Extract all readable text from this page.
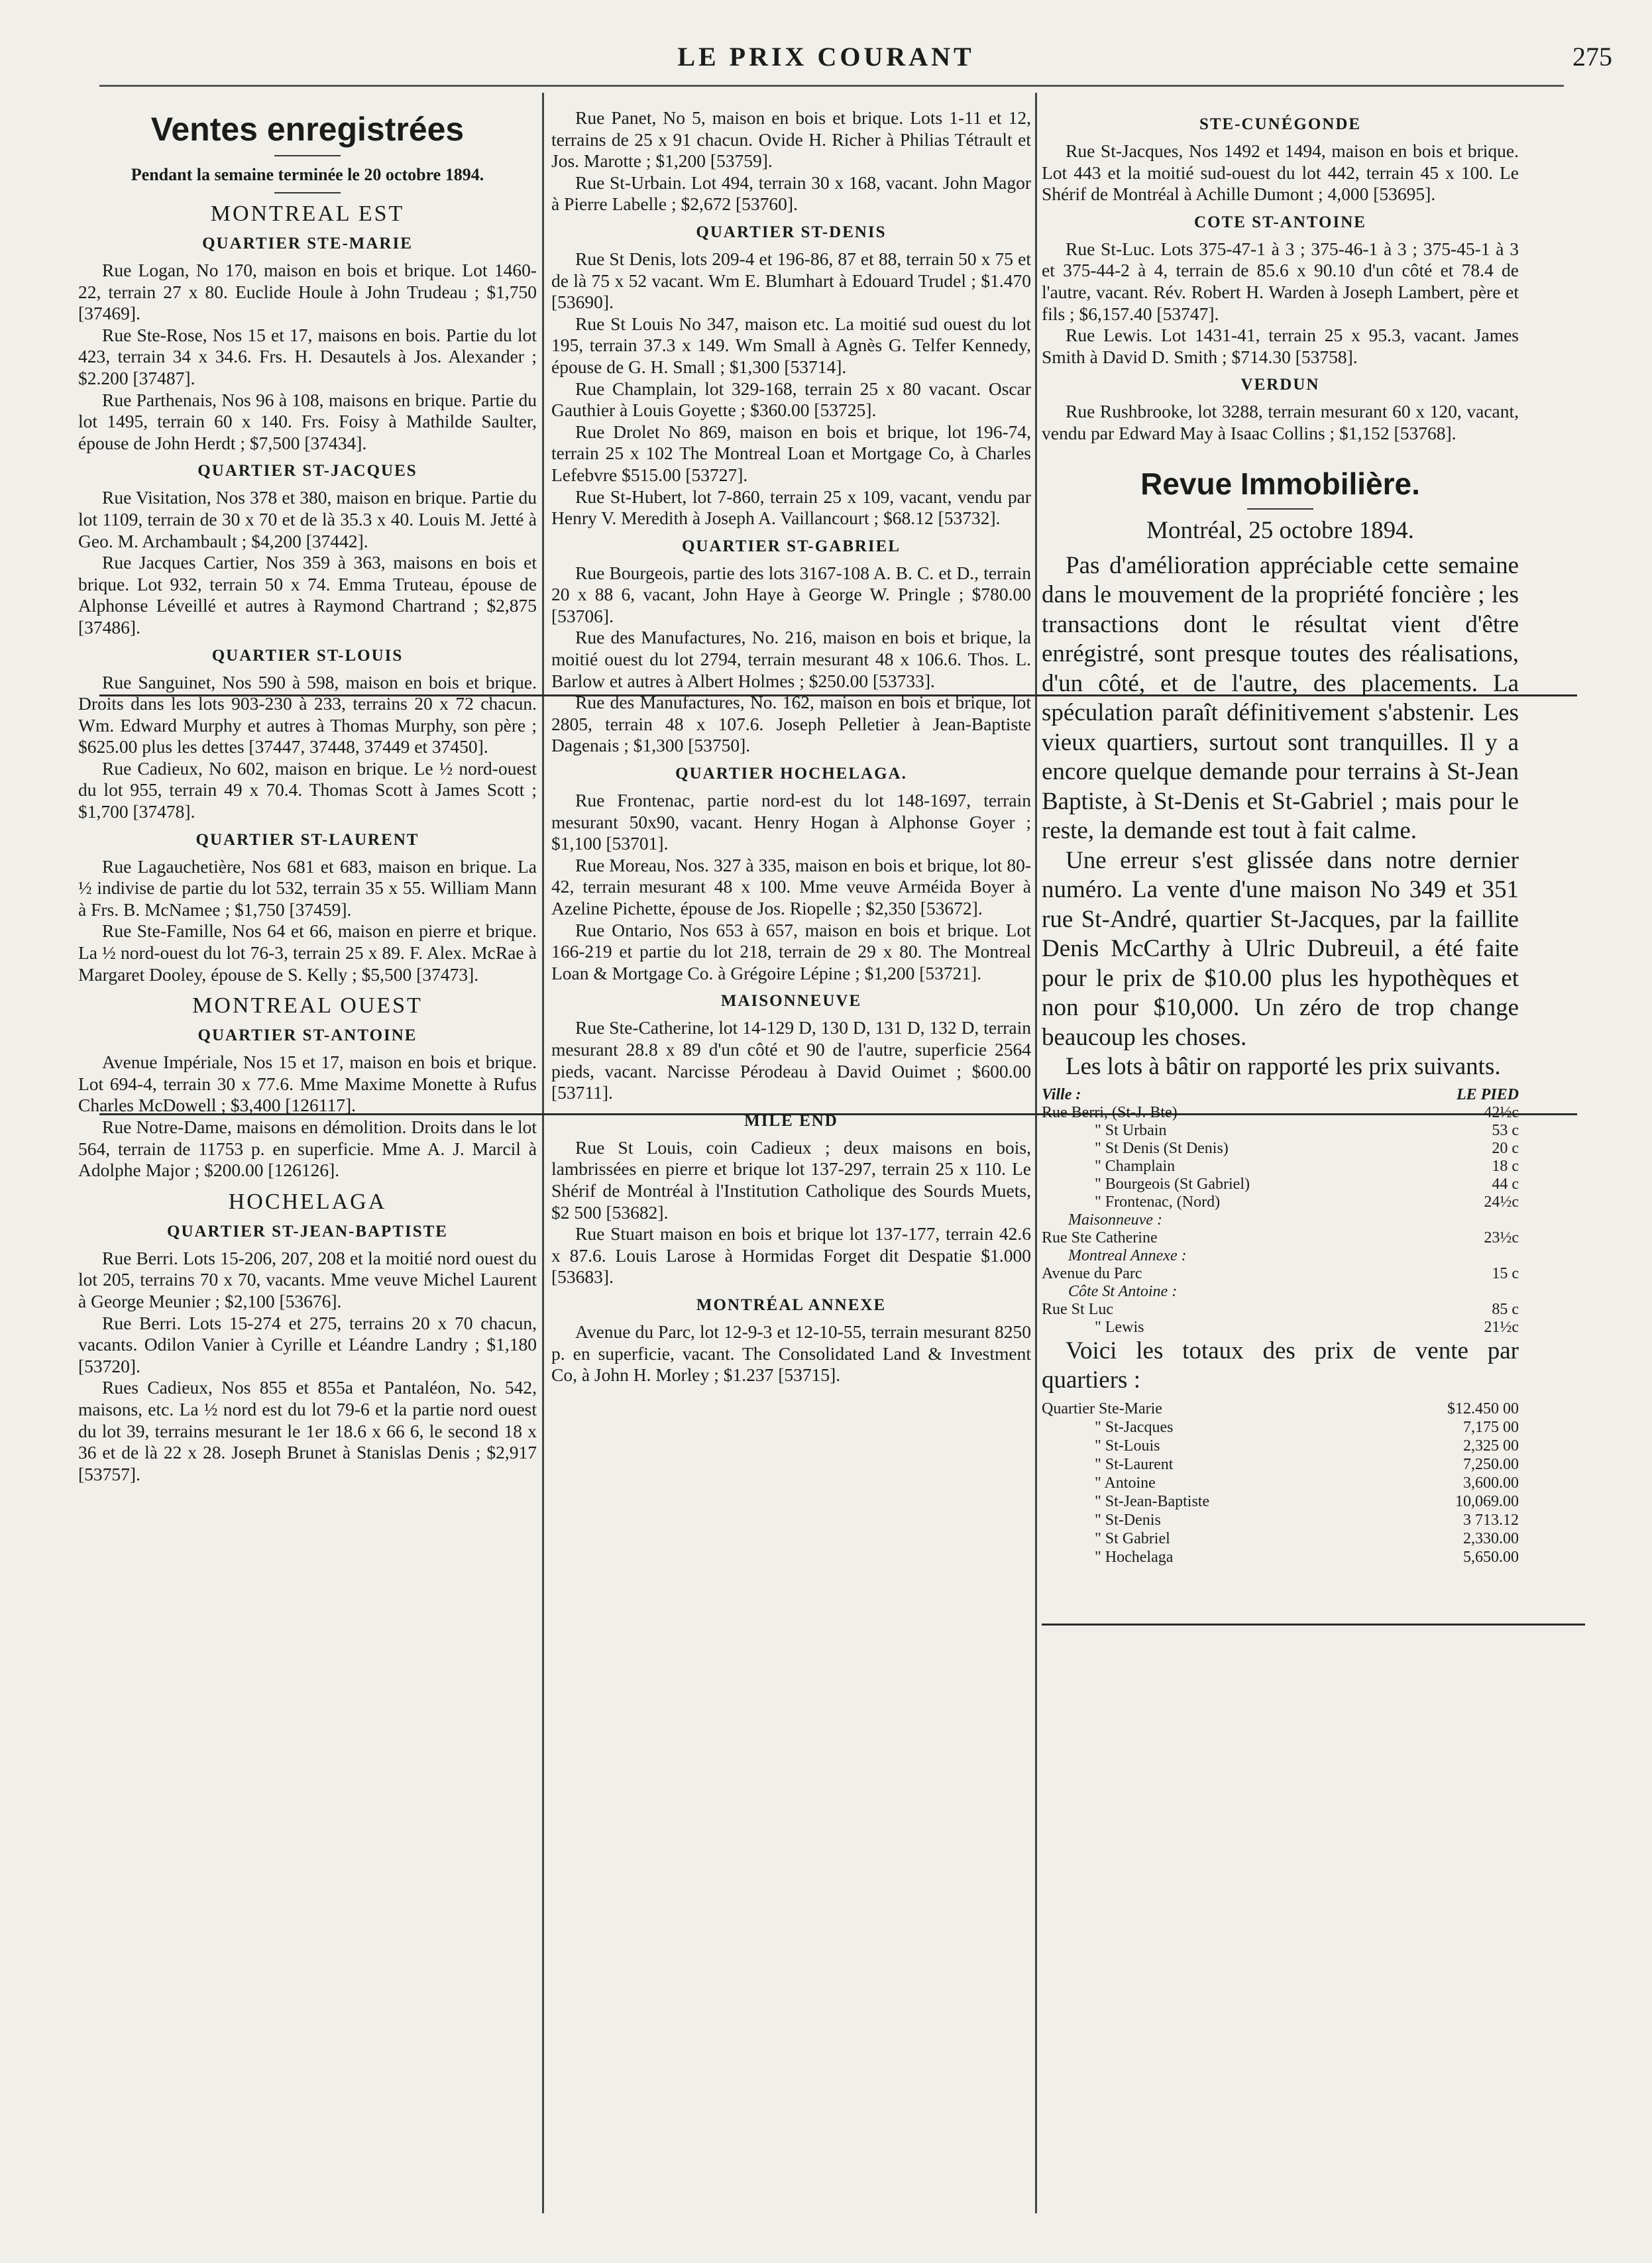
LE PRIX COURANT	275
Ventes enregistrées
Pendant la semaine terminée le 20 octobre 1894.
MONTREAL EST
QUARTIER STE-MARIE

Rue Logan, No 170, maison en bois et brique. Lot 1460-22, terrain 27 x 80. Euclide Houle à John Trudeau ; $1,750 [37469].

Rue Ste-Rose, Nos 15 et 17, maisons en bois. Partie du lot 423, terrain 34 x 34.6. Frs. H. Desautels à Jos. Alexander ; $2.200 [37487].

Rue Parthenais, Nos 96 à 108, maisons en brique. Partie du lot 1495, terrain 60 x 140. Frs. Foisy à Mathilde Saulter, épouse de John Herdt ; $7,500 [37434].

QUARTIER ST-JACQUES

Rue Visitation, Nos 378 et 380, maison en brique. Partie du lot 1109, terrain de 30 x 70 et de là 35.3 x 40. Louis M. Jetté à Geo. M. Archambault ; $4,200 [37442].

Rue Jacques Cartier, Nos 359 à 363, maisons en bois et brique. Lot 932, terrain 50 x 74. Emma Truteau, épouse de Alphonse Léveillé et autres à Raymond Chartrand ; $2,875 [37486].

QUARTIER ST-LOUIS

Rue Sanguinet, Nos 590 à 598, maison en bois et brique. Droits dans les lots 903-230 à 233, terrains 20 x 72 chacun. Wm. Edward Murphy et autres à Thomas Murphy, son père ; $625.00 plus les dettes [37447, 37448, 37449 et 37450].

Rue Cadieux, No 602, maison en brique. Le ½ nord-ouest du lot 955, terrain 49 x 70.4. Thomas Scott à James Scott ; $1,700 [37478].

QUARTIER ST-LAURENT

Rue Lagauchetière, Nos 681 et 683, maison en brique. La ½ indivise de partie du lot 532, terrain 35 x 55. William Mann à Frs. B. McNamee ; $1,750 [37459].

Rue Ste-Famille, Nos 64 et 66, maison en pierre et brique. La ½ nord-ouest du lot 76-3, terrain 25 x 89. F. Alex. McRae à Margaret Dooley, épouse de S. Kelly ; $5,500 [37473].

MONTREAL OUEST
QUARTIER ST-ANTOINE

Avenue Impériale, Nos 15 et 17, maison en bois et brique. Lot 694-4, terrain 30 x 77.6. Mme Maxime Monette à Rufus Charles McDowell ; $3,400 [126117].

Rue Notre-Dame, maisons en démolition. Droits dans le lot 564, terrain de 11753 p. en superficie. Mme A. J. Marcil à Adolphe Major ; $200.00 [126126].

HOCHELAGA
QUARTIER ST-JEAN-BAPTISTE

Rue Berri. Lots 15-206, 207, 208 et la moitié nord ouest du lot 205, terrains 70 x 70, vacants. Mme veuve Michel Laurent à George Meunier ; $2,100 [53676].

Rue Berri. Lots 15-274 et 275, terrains 20 x 70 chacun, vacants. Odilon Vanier à Cyrille et Léandre Landry ; $1,180 [53720].

Rues Cadieux, Nos 855 et 855a et Pantaléon, No. 542, maisons, etc. La ½ nord est du lot 79-6 et la partie nord ouest du lot 39, terrains mesurant le 1er 18.6 x 66 6, le second 18 x 36 et de là 22 x 28. Joseph Brunet à Stanislas Denis ; $2,917 [53757].

Rue Panet, No 5, maison en bois et brique. Lots 1-11 et 12, terrains de 25 x 91 chacun. Ovide H. Richer à Philias Tétrault et Jos. Marotte ; $1,200 [53759].

Rue St-Urbain. Lot 494, terrain 30 x 168, vacant. John Magor à Pierre Labelle ; $2,672 [53760].

QUARTIER ST-DENIS

Rue St Denis, lots 209-4 et 196-86, 87 et 88, terrain 50 x 75 et de là 75 x 52 vacant. Wm E. Blumhart à Edouard Trudel ; $1.470 [53690].

Rue St Louis No 347, maison etc. La moitié sud ouest du lot 195, terrain 37.3 x 149. Wm Small à Agnès G. Telfer Kennedy, épouse de G. H. Small ; $1,300 [53714].

Rue Champlain, lot 329-168, terrain 25 x 80 vacant. Oscar Gauthier à Louis Goyette ; $360.00 [53725].

Rue Drolet No 869, maison en bois et brique, lot 196-74, terrain 25 x 102 The Montreal Loan et Mortgage Co, à Charles Lefebvre $515.00 [53727].

Rue St-Hubert, lot 7-860, terrain 25 x 109, vacant, vendu par Henry V. Meredith à Joseph A. Vaillancourt ; $68.12 [53732].

QUARTIER ST-GABRIEL

Rue Bourgeois, partie des lots 3167-108 A. B. C. et D., terrain 20 x 88 6, vacant, John Haye à George W. Pringle ; $780.00 [53706].

Rue des Manufactures, No. 216, maison en bois et brique, la moitié ouest du lot 2794, terrain mesurant 48 x 106.6. Thos. L. Barlow et autres à Albert Holmes ; $250.00 [53733].

Rue des Manufactures, No. 162, maison en bois et brique, lot 2805, terrain 48 x 107.6. Joseph Pelletier à Jean-Baptiste Dagenais ; $1,300 [53750].

QUARTIER HOCHELAGA.

Rue Frontenac, partie nord-est du lot 148-1697, terrain mesurant 50x90, vacant. Henry Hogan à Alphonse Goyer ; $1,100 [53701].

Rue Moreau, Nos. 327 à 335, maison en bois et brique, lot 80-42, terrain mesurant 48 x 100. Mme veuve Arméida Boyer à Azeline Pichette, épouse de Jos. Riopelle ; $2,350 [53672].

Rue Ontario, Nos 653 à 657, maison en bois et brique. Lot 166-219 et partie du lot 218, terrain de 29 x 80. The Montreal Loan & Mortgage Co. à Grégoire Lépine ; $1,200 [53721].

MAISONNEUVE

Rue Ste-Catherine, lot 14-129 D, 130 D, 131 D, 132 D, terrain mesurant 28.8 x 89 d'un côté et 90 de l'autre, superficie 2564 pieds, vacant. Narcisse Pérodeau à David Ouimet ; $600.00 [53711].

MILE END

Rue St Louis, coin Cadieux ; deux maisons en bois, lambrissées en pierre et brique lot 137-297, terrain 25 x 110. Le Shérif de Montréal à l'Institution Catholique des Sourds Muets, $2 500 [53682].

Rue Stuart maison en bois et brique lot 137-177, terrain 42.6 x 87.6. Louis Larose à Hormidas Forget dit Despatie $1.000 [53683].

MONTRÉAL ANNEXE

Avenue du Parc, lot 12-9-3 et 12-10-55, terrain mesurant 8250 p. en superficie, vacant. The Consolidated Land & Investment Co, à John H. Morley ; $1.237 [53715].

STE-CUNÉGONDE

Rue St-Jacques, Nos 1492 et 1494, maison en bois et brique. Lot 443 et la moitié sud-ouest du lot 442, terrain 45 x 100. Le Shérif de Montréal à Achille Dumont ; 4,000 [53695].

COTE ST-ANTOINE

Rue St-Luc. Lots 375-47-1 à 3 ; 375-46-1 à 3 ; 375-45-1 à 3 et 375-44-2 à 4, terrain de 85.6 x 90.10 d'un côté et 78.4 de l'autre, vacant. Rév. Robert H. Warden à Joseph Lambert, père et fils ; $6,157.40 [53747].

Rue Lewis. Lot 1431-41, terrain 25 x 95.3, vacant. James Smith à David D. Smith ; $714.30 [53758].

VERDUN

Rue Rushbrooke, lot 3288, terrain mesurant 60 x 120, vacant, vendu par Edward May à Isaac Collins ; $1,152 [53768].

Revue Immobilière.
Montréal, 25 octobre 1894.

Pas d'amélioration appréciable cette semaine dans le mouvement de la propriété foncière ; les transactions dont le résultat vient d'être enrégistré, sont presque toutes des réalisations, d'un côté, et de l'autre, des placements. La spéculation paraît définitivement s'abstenir. Les vieux quartiers, surtout sont tranquilles. Il y a encore quelque demande pour terrains à St-Jean Baptiste, à St-Denis et St-Gabriel ; mais pour le reste, la demande est tout à fait calme.

Une erreur s'est glissée dans notre dernier numéro. La vente d'une maison No 349 et 351 rue St-André, quartier St-Jacques, par la faillite Denis McCarthy à Ulric Dubreuil, a été faite pour le prix de $10.00 plus les hypothèques et non pour $10,000. Un zéro de trop change beaucoup les choses.

Les lots à bâtir on rapporté les prix suivants.

Ville :	LE PIED
Rue Berri, (St-J. Bte)	42½c
" St Urbain	53 c
" St Denis (St Denis)	20 c
" Champlain	18 c
" Bourgeois (St Gabriel)	44 c
" Frontenac, (Nord)	24½c
Maisonneuve :	
Rue Ste Catherine	23½c
Montreal Annexe :	
Avenue du Parc	15 c
Côte St Antoine :	
Rue St Luc	85 c
" Lewis	21½c

Voici les totaux des prix de vente par quartiers :

Quartier Ste-Marie	$12.450 00
" St-Jacques	7,175 00
" St-Louis	2,325 00
" St-Laurent	7,250.00
" Antoine	3,600.00
" St-Jean-Baptiste	10,069.00
" St-Denis	3 713.12
" St Gabriel	2,330.00
" Hochelaga	5,650.00
